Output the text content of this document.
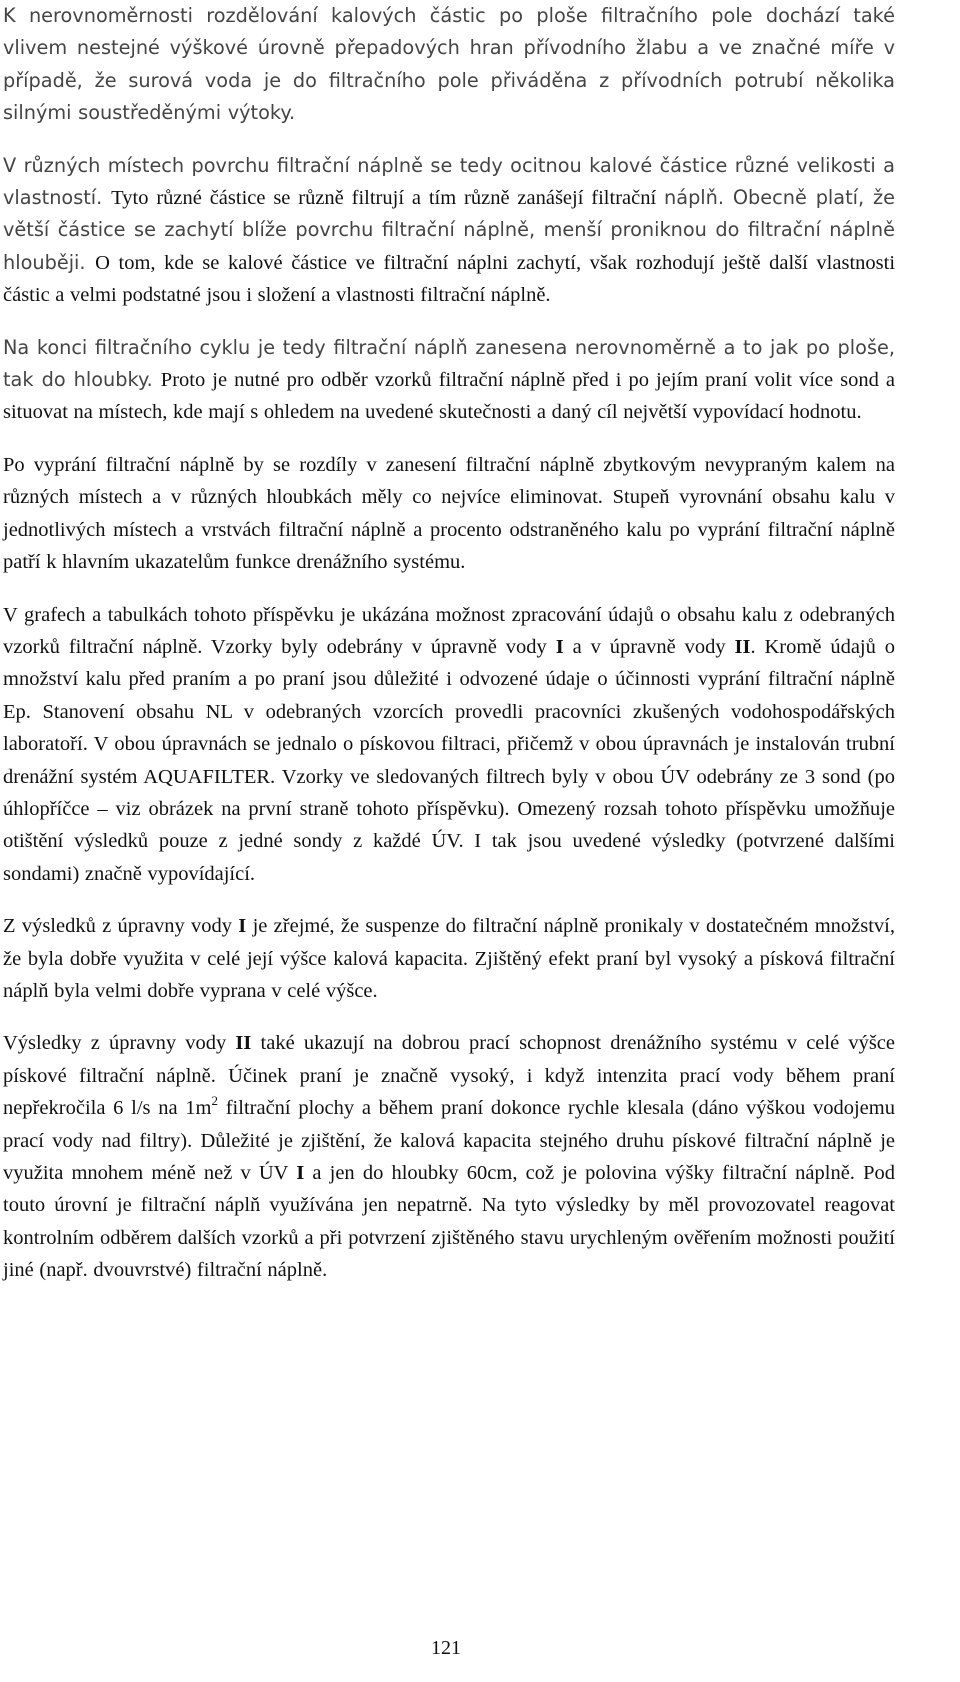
K nerovnoměrnosti rozdělování kalových částic po ploše filtračního pole dochází také vlivem nestejné výškové úrovně přepadových hran přívodního žlabu a ve značné míře v případě, že surová voda je do filtračního pole přiváděna z přívodních potrubí několika silnými soustředěnými výtoky.

V různých místech povrchu filtrační náplně se tedy ocitnou kalové částice různé velikosti a vlastností. Tyto různé částice se různě filtrují a tím různě zanášejí filtrační náplň. Obecně platí, že větší částice se zachytí blíže povrchu filtrační náplně, menší proniknou do filtrační náplně hlouběji. O tom, kde se kalové částice ve filtrační náplni zachytí, však rozhodují ještě další vlastnosti částic a velmi podstatné jsou i složení a vlastnosti filtrační náplně.

Na konci filtračního cyklu je tedy filtrační náplň zanesena nerovnoměrně a to jak po ploše, tak do hloubky. Proto je nutné pro odběr vzorků filtrační náplně před i po jejím praní volit více sond a situovat na místech, kde mají s ohledem na uvedené skutečnosti a daný cíl největší vypovídací hodnotu.

Po vyprání filtrační náplně by se rozdíly v zanesení filtrační náplně zbytkovým nevypraným kalem na různých místech a v různých hloubkách měly co nejvíce eliminovat. Stupeň vyrovnání obsahu kalu v jednotlivých místech a vrstvách filtrační náplně a procento odstraněného kalu po vyprání filtrační náplně patří k hlavním ukazatelům funkce drenážního systému.

V grafech a tabulkách tohoto příspěvku je ukázána možnost zpracování údajů o obsahu kalu z odebraných vzorků filtrační náplně. Vzorky byly odebrány v úpravně vody I a v úpravně vody II. Kromě údajů o množství kalu před praním a po praní jsou důležité i odvozené údaje o účinnosti vyprání filtrační náplně Ep. Stanovení obsahu NL v odebraných vzorcích provedli pracovníci zkušených vodohospodářských laboratoří. V obou úpravnách se jednalo o pískovou filtraci, přičemž v obou úpravnách je instalován trubní drenážní systém AQUAFILTER. Vzorky ve sledovaných filtrech byly v obou ÚV odebrány ze 3 sond (po úhlopříčce – viz obrázek na první straně tohoto příspěvku). Omezený rozsah tohoto příspěvku umožňuje otištění výsledků pouze z jedné sondy z každé ÚV. I tak jsou uvedené výsledky (potvrzené dalšími sondami) značně vypovídající.

Z výsledků z úpravny vody I je zřejmé, že suspenze do filtrační náplně pronikaly v dostatečném množství, že byla dobře využita v celé její výšce kalová kapacita. Zjištěný efekt praní byl vysoký a písková filtrační náplň byla velmi dobře vyprana v celé výšce.

Výsledky z úpravny vody II také ukazují na dobrou prací schopnost drenážního systému v celé výšce pískové filtrační náplně. Účinek praní je značně vysoký, i když intenzita prací vody během praní nepřekročila 6 l/s na $1m^2$ filtrační plochy a během praní dokonce rychle klesala (dáno výškou vodojemu prací vody nad filtry). Důležité je zjištění, že kalová kapacita stejného druhu pískové filtrační náplně je využita mnohem méně než v ÚV I a jen do hloubky 60cm, což je polovina výšky filtrační náplně. Pod touto úrovní je filtrační náplň využívána jen nepatrně. Na tyto výsledky by měl provozovatel reagovat kontrolním odběrem dalších vzorků a při potvrzení zjištěného stavu urychleným ověřením možnosti použití jiné (např. dvouvrstvé) filtrační náplně.

121
